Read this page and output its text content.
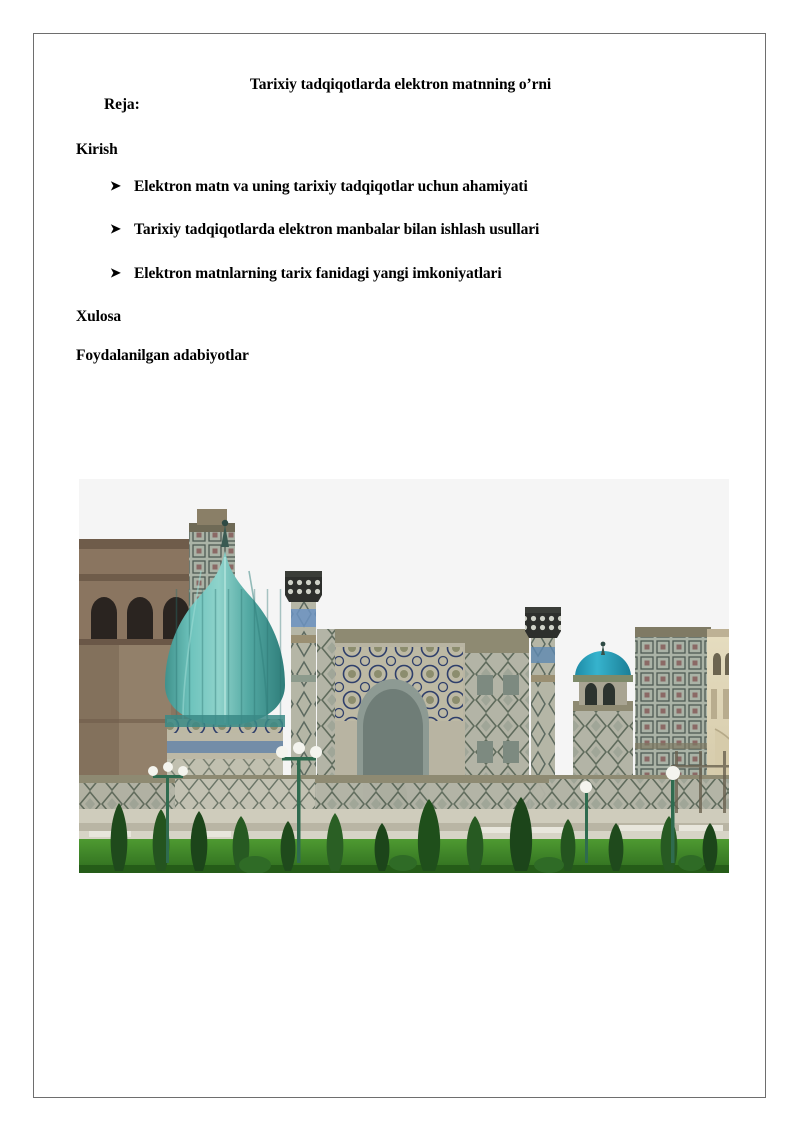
Tarixiy tadqiqotlarda elektron matnning o’rni
Reja:
Kirish
➤ Elektron matn va uning tarixiy tadqiqotlar uchun ahamiyati
➤ Tarixiy tadqiqotlarda elektron manbalar bilan ishlash usullari
➤ Elektron matnlarning tarix fanidagi yangi imkoniyatlari
Xulosa
Foydalanilgan adabiyotlar
